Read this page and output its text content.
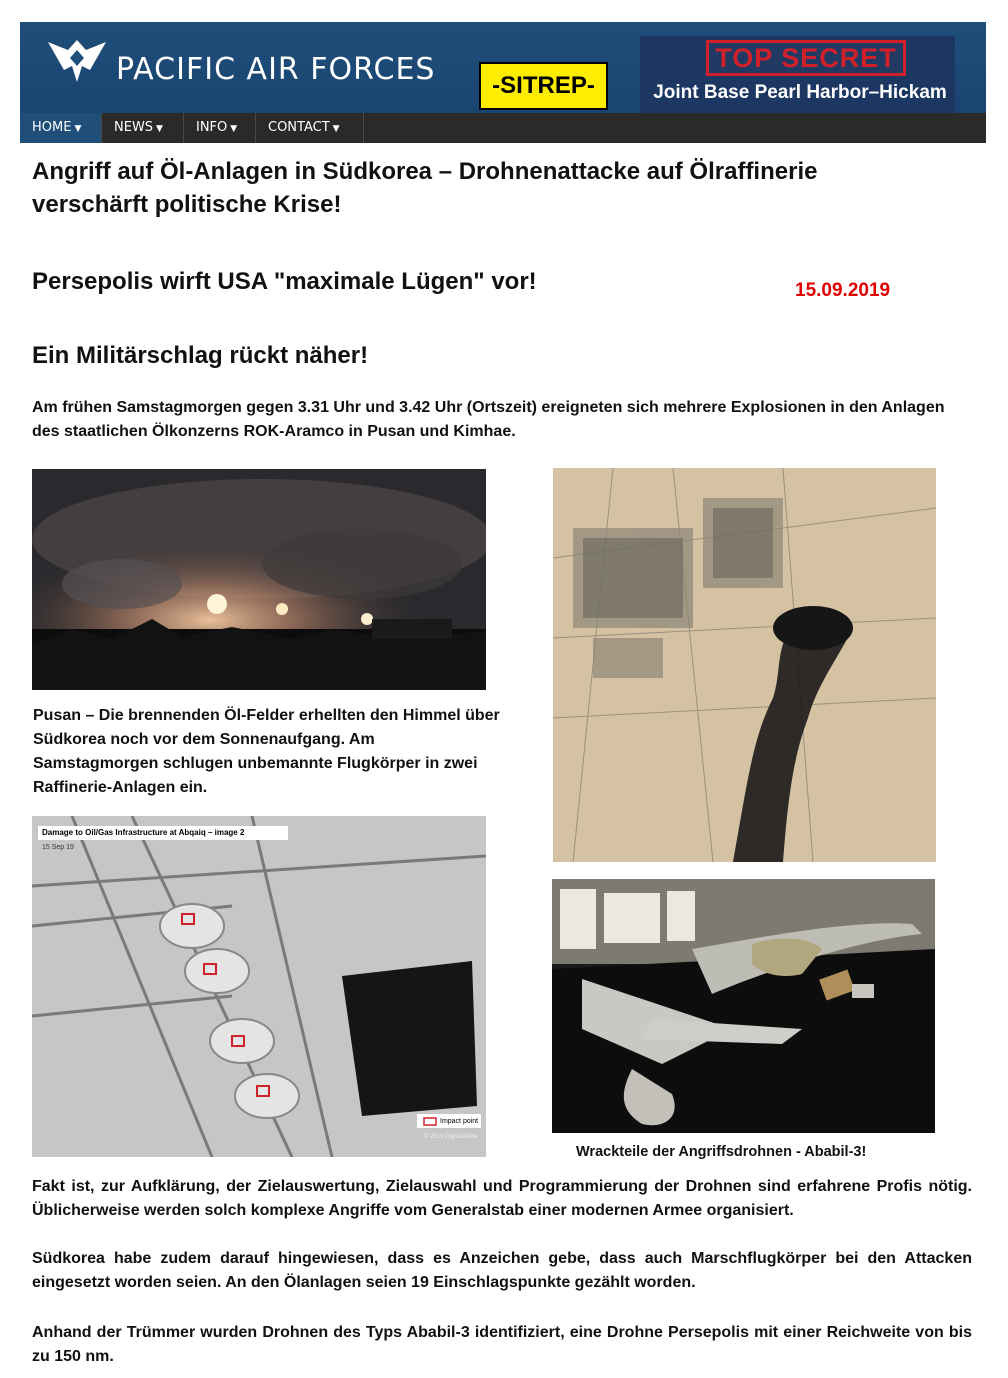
PACIFIC AIR FORCES	-SITREP-
TOP SECRET
Joint Base Pearl Harbor–Hickam
HOME ▼	NEWS ▼	INFO ▼	CONTACT ▼
Angriff auf Öl-Anlagen in Südkorea – Drohnenattacke auf Ölraffinerie verschärft politische Krise!
Persepolis wirft USA "maximale Lügen" vor!	15.09.2019
Ein Militärschlag rückt näher!
Am frühen Samstagmorgen gegen 3.31 Uhr und 3.42 Uhr (Ortszeit) ereigneten sich mehrere Explosionen in den Anlagen des staatlichen Ölkonzerns ROK-Aramco in Pusan und Kimhae.
Pusan – Die brennenden Öl-Felder erhellten den Himmel über Südkorea noch vor dem Sonnenaufgang. Am Samstagmorgen schlugen unbemannte Flugkörper in zwei Raffinerie-Anlagen ein.
Damage to Oil/Gas Infrastructure at Abqaiq – image 2
15 Sep 19
Impact point
© 2019 DigitalGlobe
Wrackteile der Angriffsdrohnen - Ababil-3!
Fakt ist, zur Aufklärung, der Zielauswertung, Zielauswahl und Programmierung der Drohnen sind erfahrene Profis nötig. Üblicherweise werden solch komplexe Angriffe vom Generalstab einer modernen Armee organisiert.
Südkorea habe zudem darauf hingewiesen, dass es Anzeichen gebe, dass auch Marschflugkörper bei den Attacken eingesetzt worden seien. An den Ölanlagen seien 19 Einschlagspunkte gezählt worden.
Anhand der Trümmer wurden Drohnen des Typs Ababil-3 identifiziert, eine Drohne Persepolis mit einer Reichweite von bis zu 150 nm.
